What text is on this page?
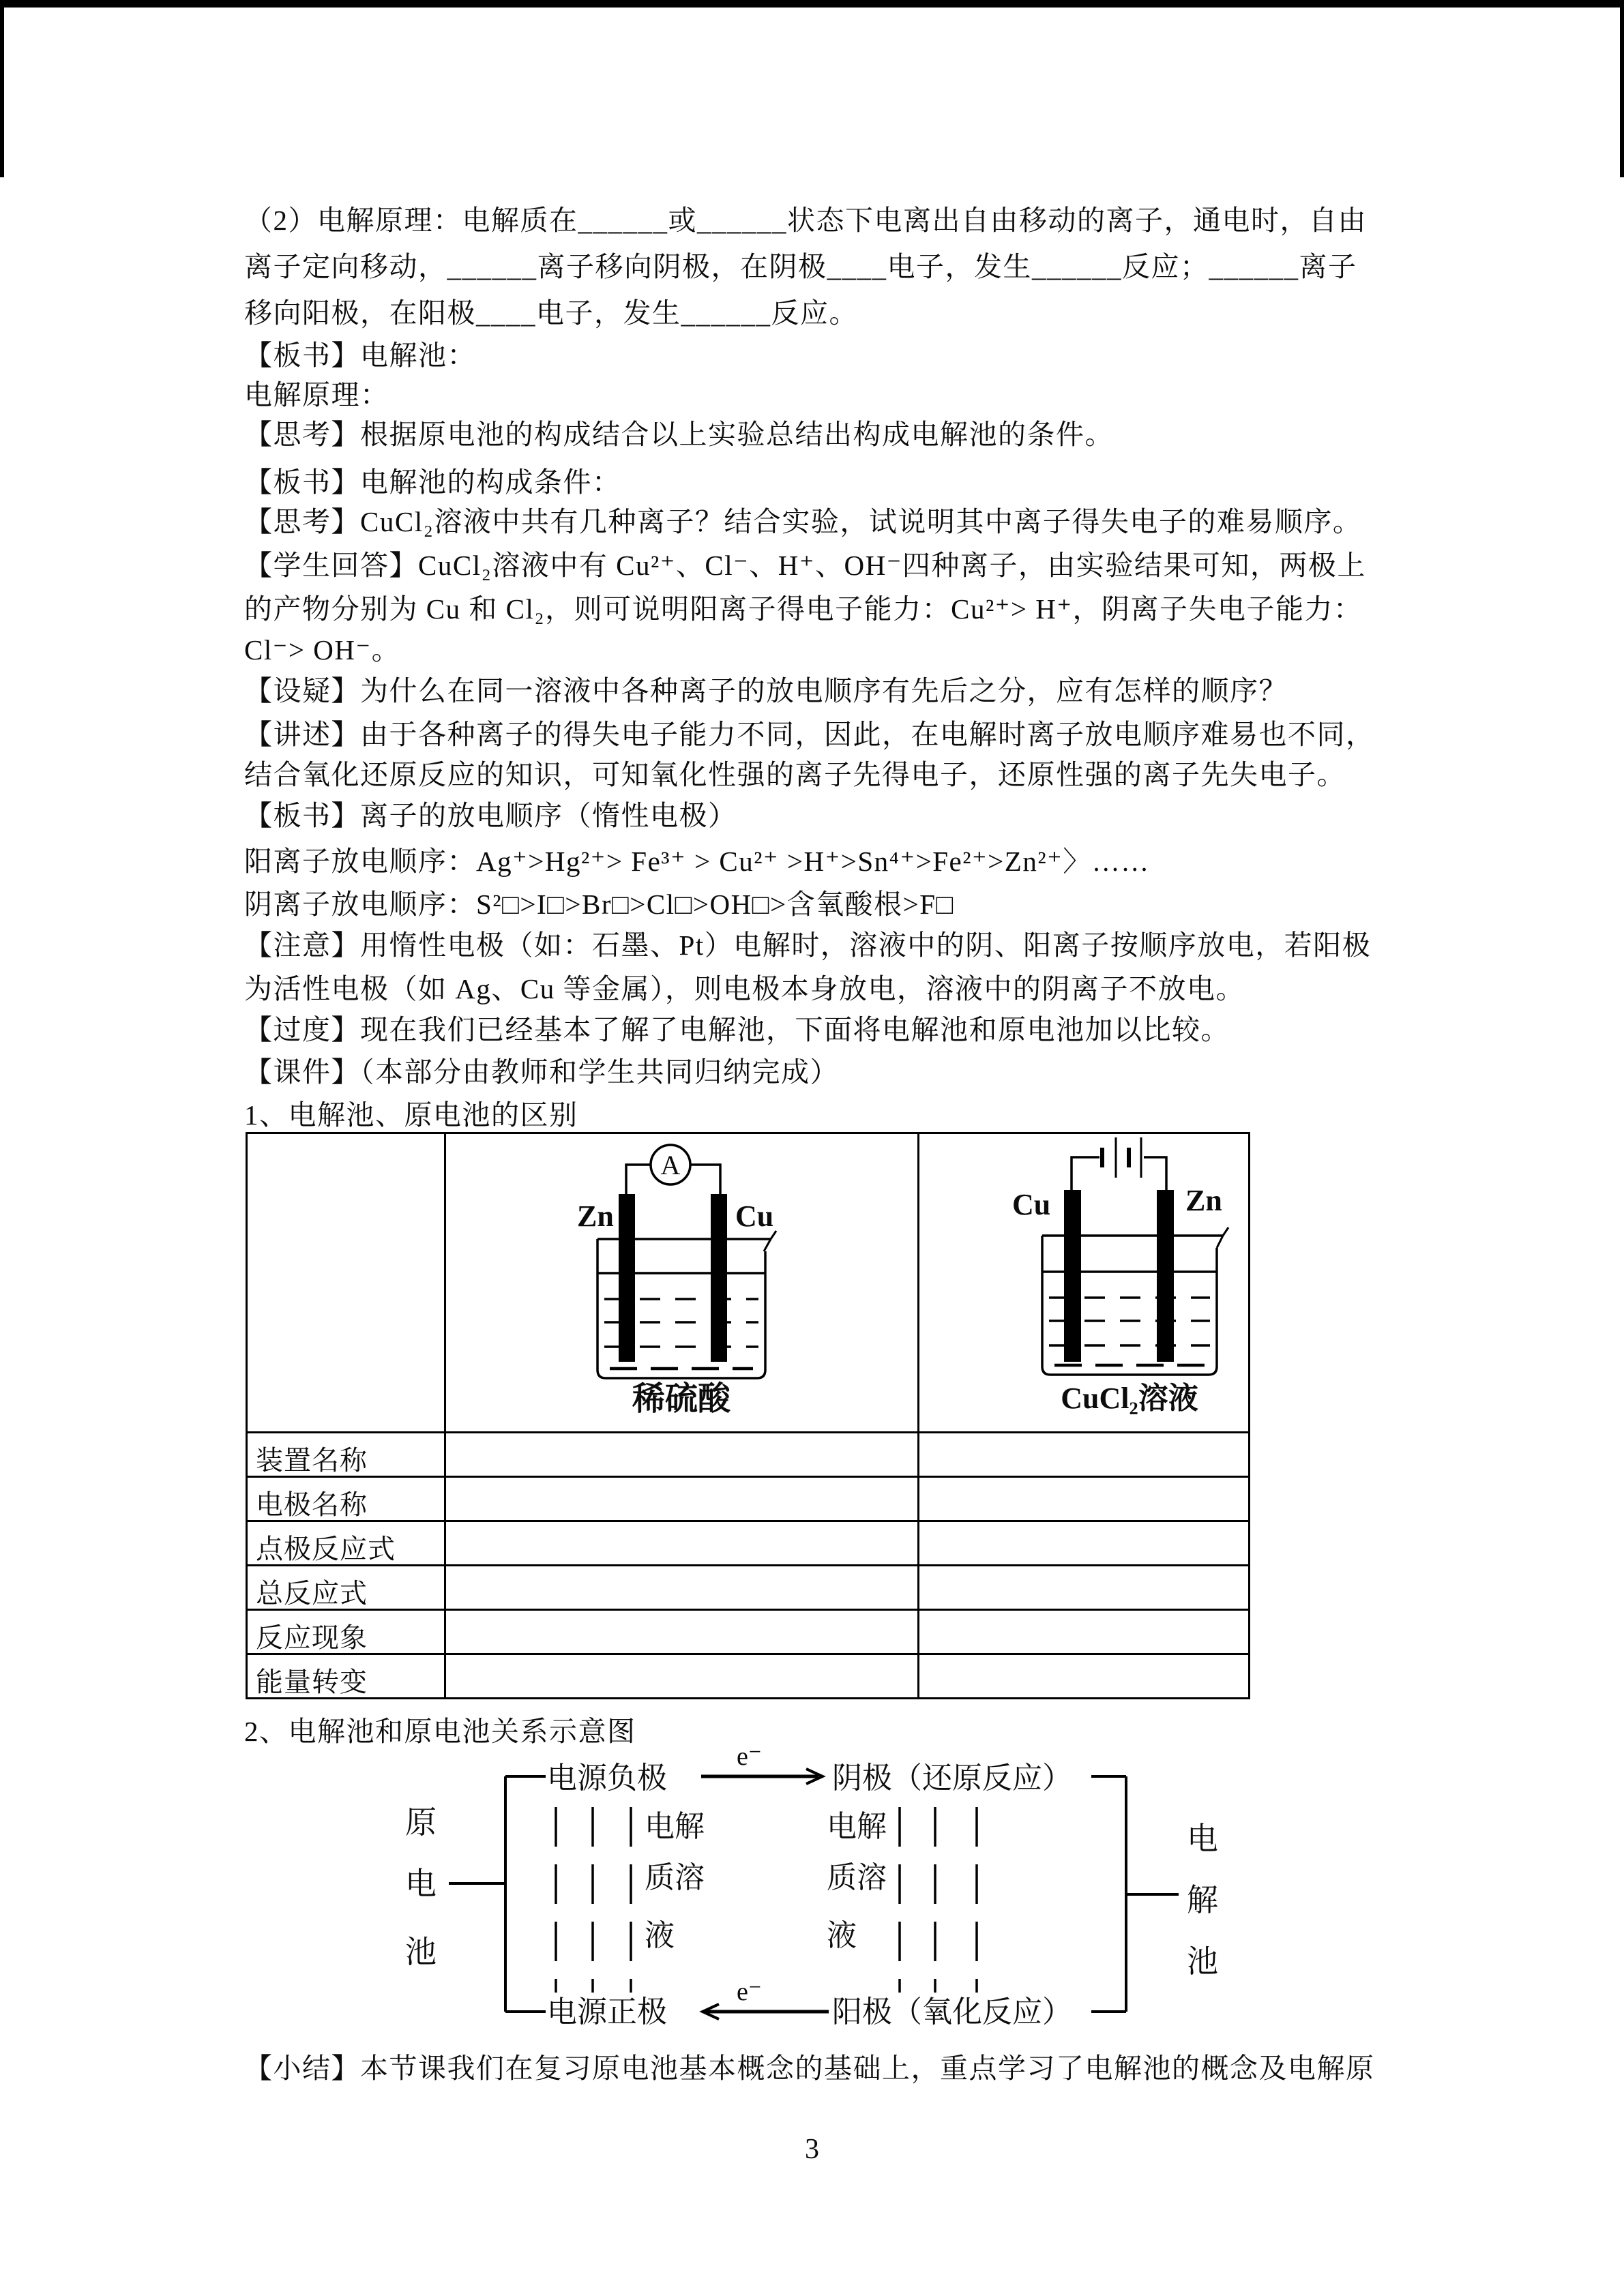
（2）电解原理：电解质在______或______状态下电离出自由移动的离子，通电时，自由
离子定向移动，______离子移向阴极，在阴极____电子，发生______反应；______离子
移向阳极，在阳极____电子，发生______反应。
【板书】电解池：
电解原理：
【思考】根据原电池的构成结合以上实验总结出构成电解池的条件。
【板书】电解池的构成条件：
【思考】CuCl₂溶液中共有几种离子？结合实验，试说明其中离子得失电子的难易顺序。
【学生回答】CuCl₂溶液中有 Cu²⁺、Cl⁻、H⁺、OH⁻四种离子，由实验结果可知，两极上
的产物分别为 Cu 和 Cl₂，则可说明阳离子得电子能力：Cu²⁺> H⁺，阴离子失电子能力：
Cl⁻> OH⁻。
【设疑】为什么在同一溶液中各种离子的放电顺序有先后之分，应有怎样的顺序？
【讲述】由于各种离子的得失电子能力不同，因此，在电解时离子放电顺序难易也不同，
结合氧化还原反应的知识，可知氧化性强的离子先得电子，还原性强的离子先失电子。
【板书】离子的放电顺序（惰性电极）
阳离子放电顺序：Ag⁺>Hg²⁺> Fe³⁺ > Cu²⁺ >H⁺>Sn⁴⁺>Fe²⁺>Zn²⁺〉……
阴离子放电顺序：S²□>I□>Br□>Cl□>OH□>含氧酸根>F□
【注意】用惰性电极（如：石墨、Pt）电解时，溶液中的阴、阳离子按顺序放电，若阳极
为活性电极（如 Ag、Cu 等金属），则电极本身放电，溶液中的阴离子不放电。
【过度】现在我们已经基本了解了电解池，下面将电解池和原电池加以比较。
【课件】（本部分由教师和学生共同归纳完成）
1、电解池、原电池的区别
A
Zn	Cu
稀硫酸
Cu	Zn
CuCl₂溶液
装置名称
电极名称
点极反应式
总反应式
反应现象
能量转变
2、电解池和原电池关系示意图
原
电
池
电源负极
e⁻
阴极（还原反应）
电解
质溶
液
电解
质溶
液
电源正极
e⁻
阳极（氧化反应）
电
解
池
【小结】本节课我们在复习原电池基本概念的基础上，重点学习了电解池的概念及电解原
3
